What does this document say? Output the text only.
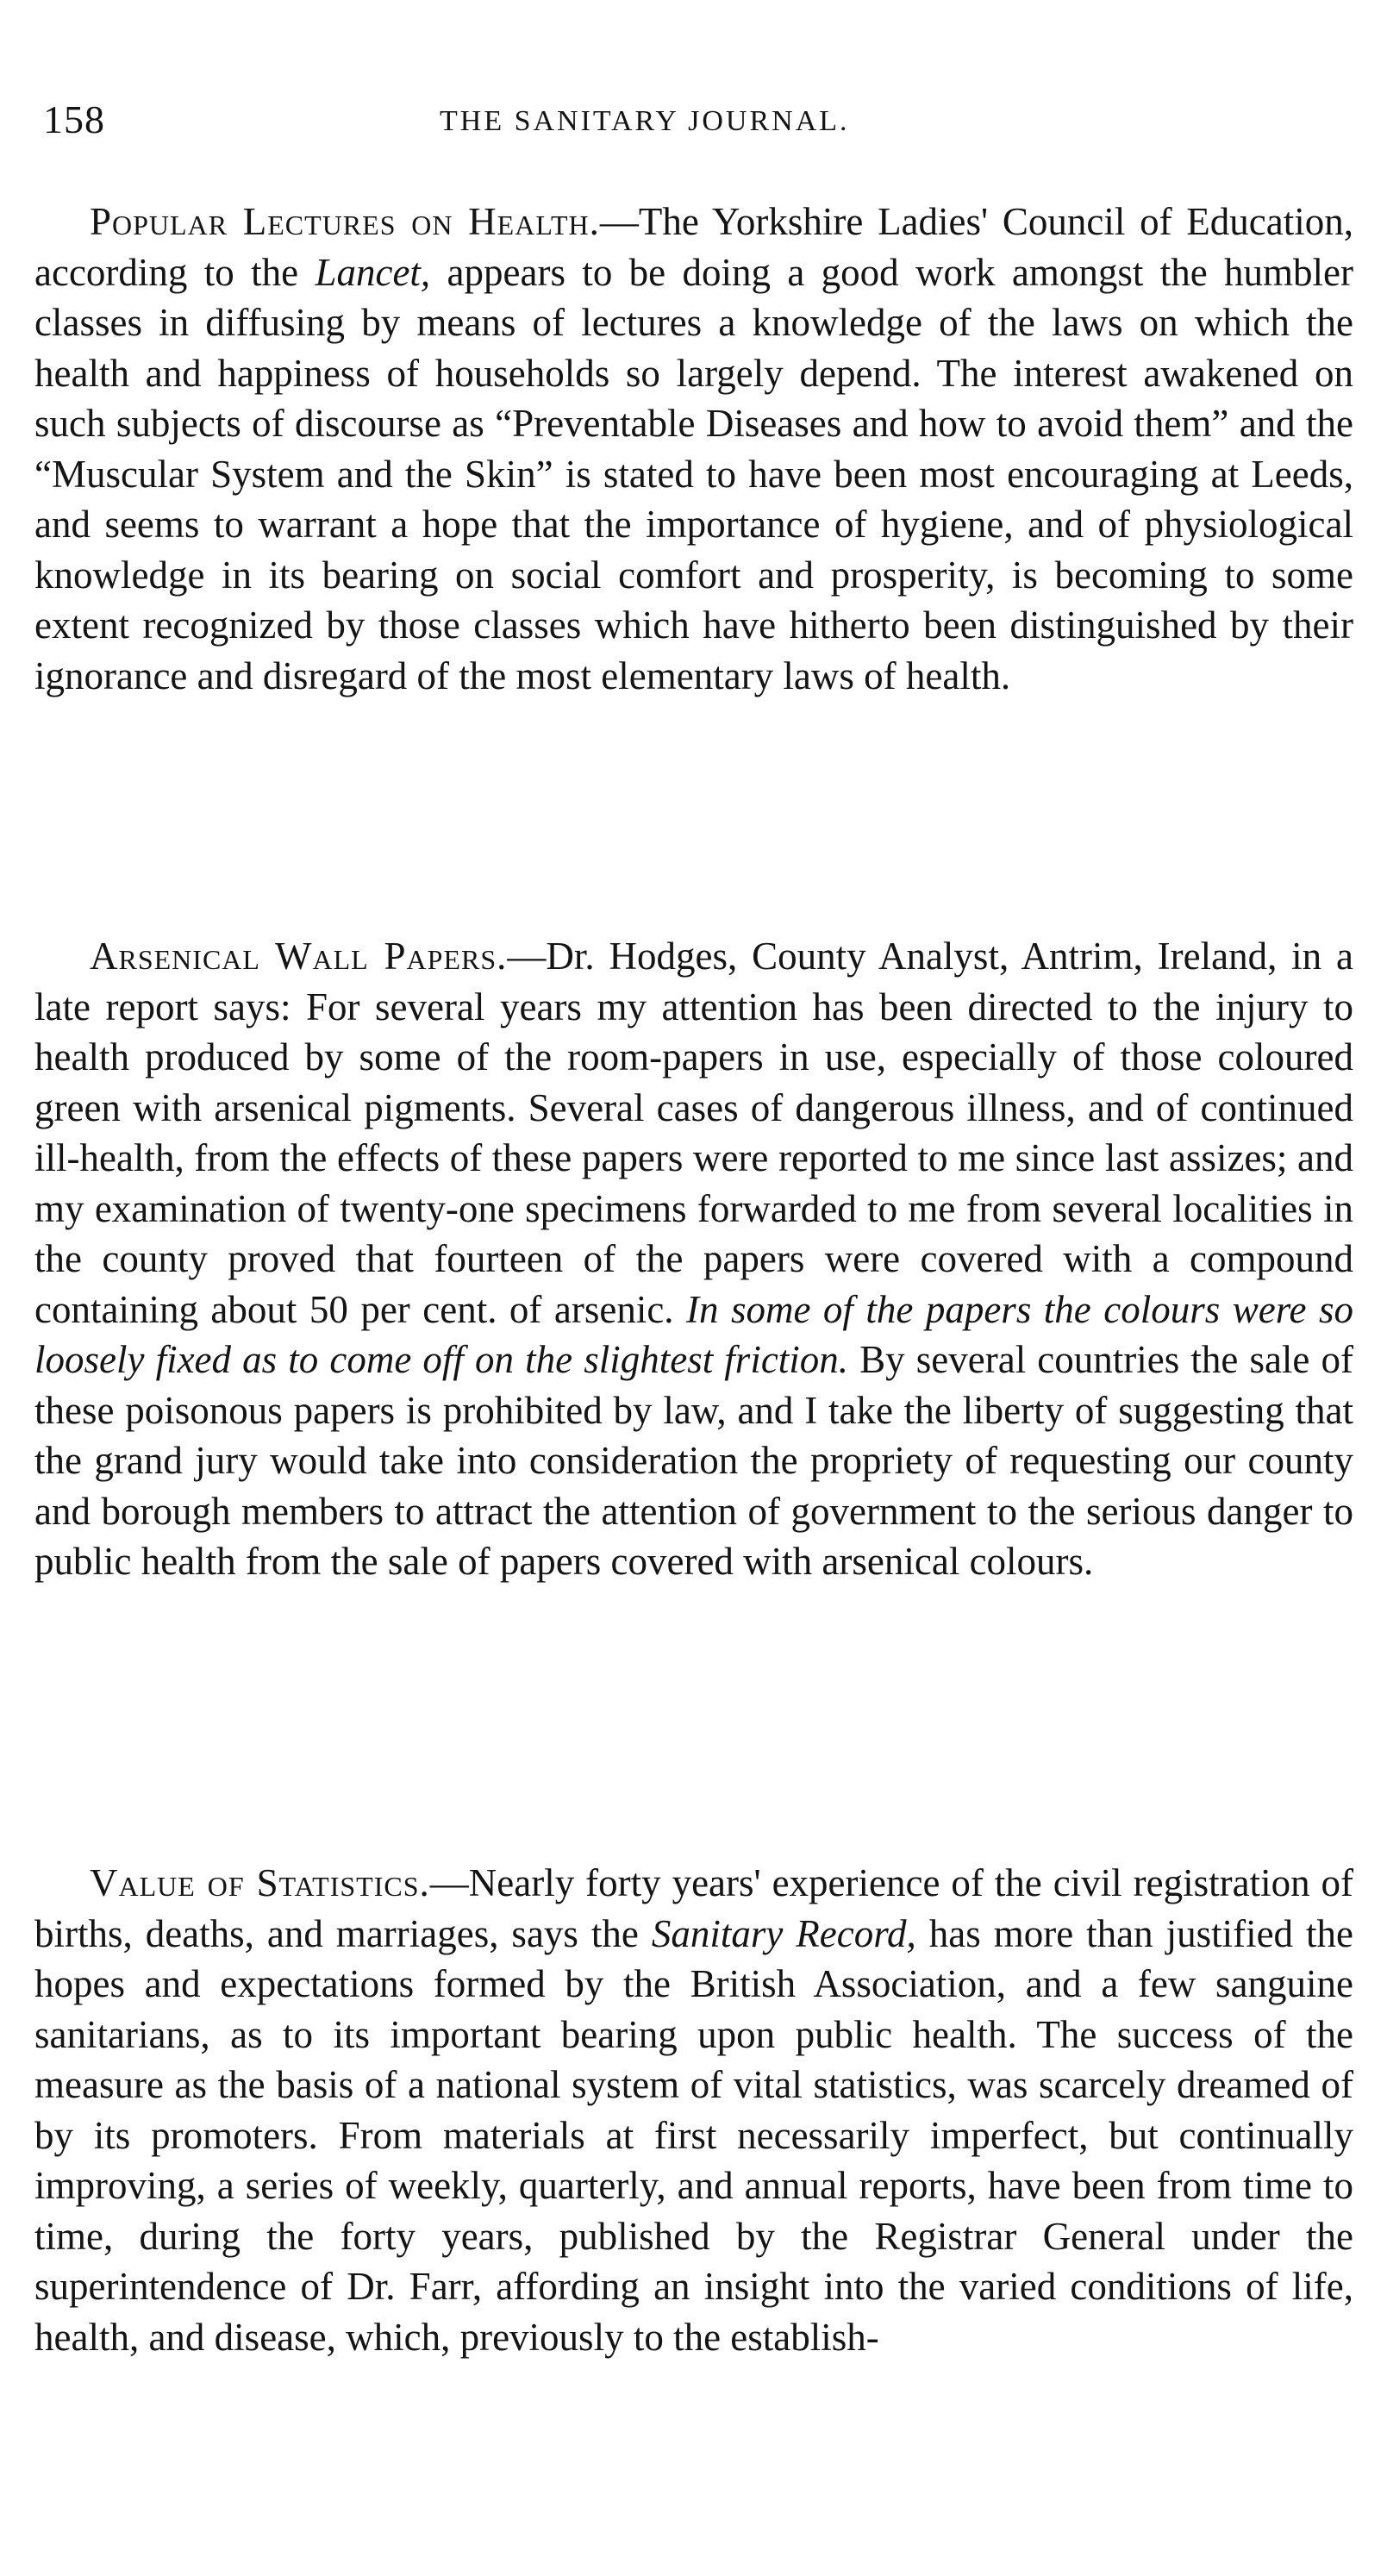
158	THE SANITARY JOURNAL.

Popular Lectures on Health.—The Yorkshire Ladies' Council of Education, according to the Lancet, appears to be doing a good work amongst the humbler classes in diffusing by means of lectures a knowledge of the laws on which the health and happiness of households so largely depend. The interest awakened on such subjects of discourse as “Preventable Diseases and how to avoid them” and the “Muscular System and the Skin” is stated to have been most encouraging at Leeds, and seems to warrant a hope that the importance of hygiene, and of physiological knowledge in its bearing on social comfort and prosperity, is becoming to some extent recognized by those classes which have hitherto been distinguished by their ignorance and disregard of the most elementary laws of health.

Arsenical Wall Papers.—Dr. Hodges, County Analyst, Antrim, Ireland, in a late report says: For several years my attention has been directed to the injury to health produced by some of the room-papers in use, especially of those coloured green with arsenical pigments. Several cases of dangerous illness, and of continued ill-health, from the effects of these papers were reported to me since last assizes; and my examination of twenty-one specimens forwarded to me from several localities in the county proved that fourteen of the papers were covered with a compound containing about 50 per cent. of arsenic. In some of the papers the colours were so loosely fixed as to come off on the slightest friction. By several countries the sale of these poisonous papers is prohibited by law, and I take the liberty of suggesting that the grand jury would take into consideration the propriety of requesting our county and borough members to attract the attention of government to the serious danger to public health from the sale of papers covered with arsenical colours.

Value of Statistics.—Nearly forty years' experience of the civil registration of births, deaths, and marriages, says the Sanitary Record, has more than justified the hopes and expectations formed by the British Association, and a few sanguine sanitarians, as to its important bearing upon public health. The success of the measure as the basis of a national system of vital statistics, was scarcely dreamed of by its promoters. From materials at first necessarily imperfect, but continually improving, a series of weekly, quarterly, and annual reports, have been from time to time, during the forty years, published by the Registrar General under the superintendence of Dr. Farr, affording an insight into the varied conditions of life, health, and disease, which, previously to the establish-
